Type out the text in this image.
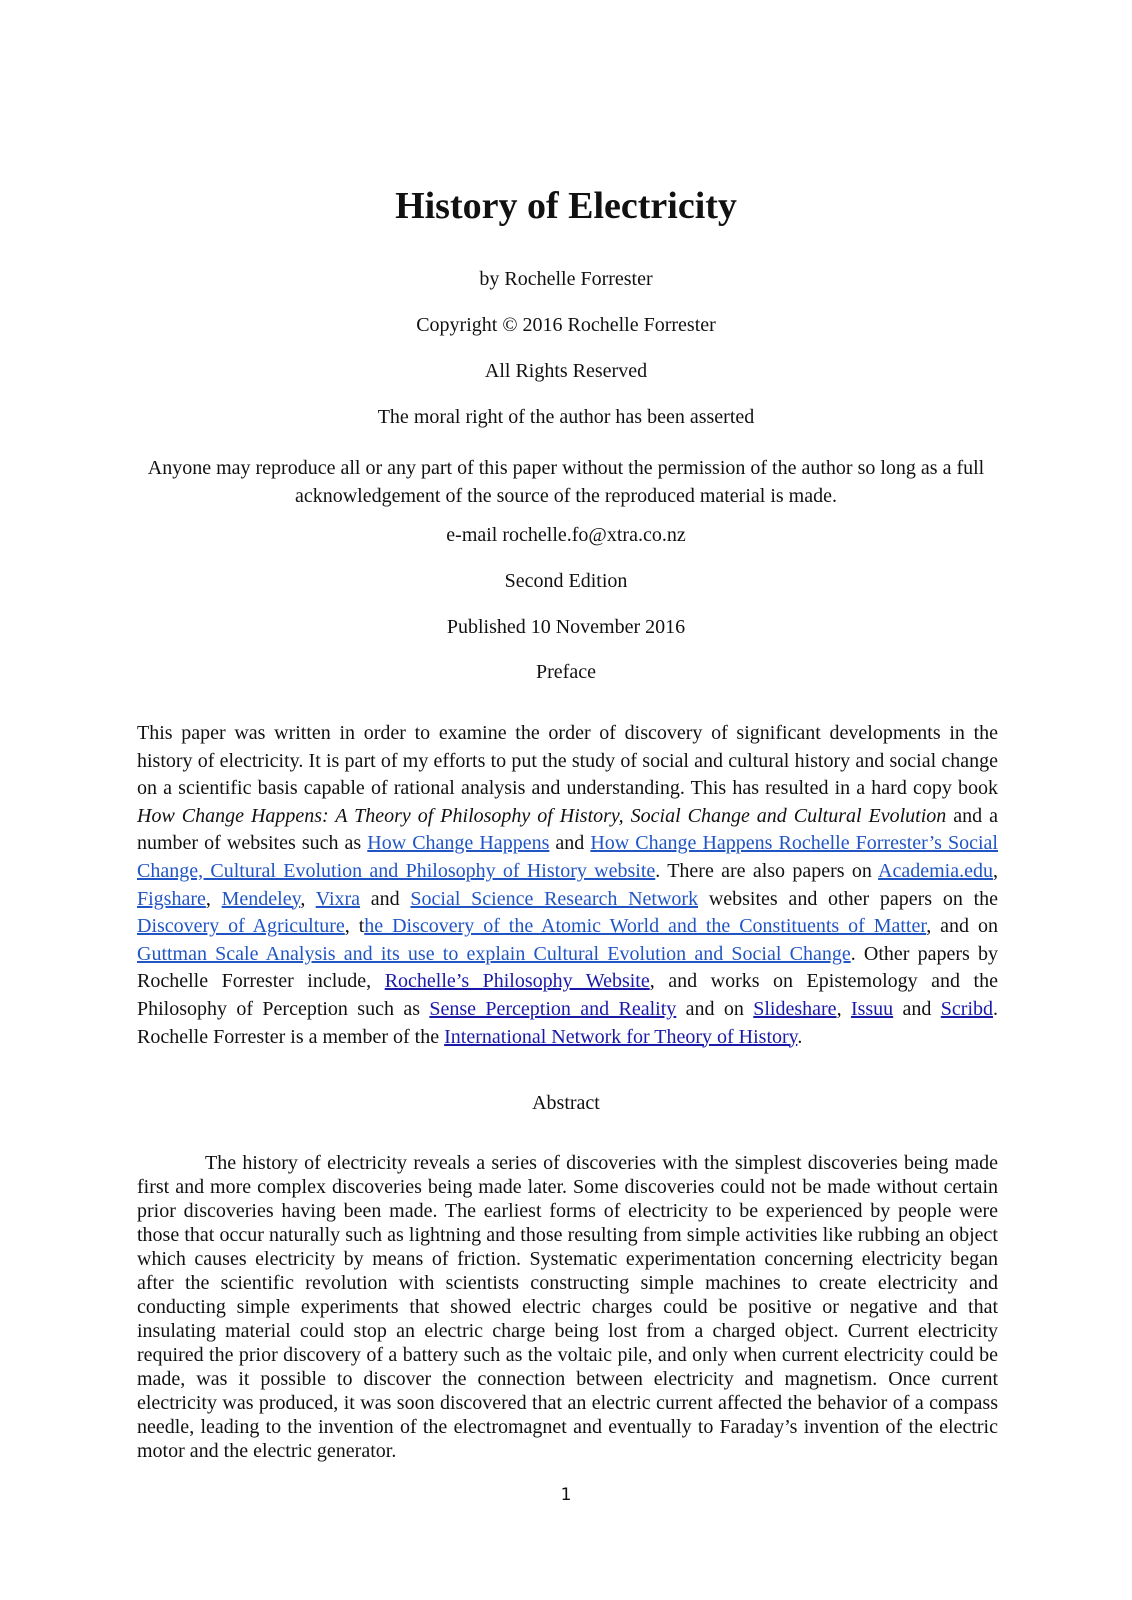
History of Electricity

by Rochelle Forrester

Copyright © 2016 Rochelle Forrester

All Rights Reserved

The moral right of the author has been asserted

Anyone may reproduce all or any part of this paper without the permission of the author so long as a full acknowledgement of the source of the reproduced material is made.

e-mail rochelle.fo@xtra.co.nz

Second Edition

Published 10 November 2016

Preface

This paper was written in order to examine the order of discovery of significant developments in the history of electricity. It is part of my efforts to put the study of social and cultural history and social change on a scientific basis capable of rational analysis and understanding. This has resulted in a hard copy book How Change Happens: A Theory of Philosophy of History, Social Change and Cultural Evolution and a number of websites such as How Change Happens and How Change Happens Rochelle Forrester’s Social Change, Cultural Evolution and Philosophy of History website. There are also papers on Academia.edu, Figshare, Mendeley, Vixra and Social Science Research Network websites and other papers on the Discovery of Agriculture, the Discovery of the Atomic World and the Constituents of Matter, and on Guttman Scale Analysis and its use to explain Cultural Evolution and Social Change. Other papers by Rochelle Forrester include, Rochelle’s Philosophy Website, and works on Epistemology and the Philosophy of Perception such as Sense Perception and Reality and on Slideshare, Issuu and Scribd. Rochelle Forrester is a member of the International Network for Theory of History.

Abstract

The history of electricity reveals a series of discoveries with the simplest discoveries being made first and more complex discoveries being made later. Some discoveries could not be made without certain prior discoveries having been made. The earliest forms of electricity to be experienced by people were those that occur naturally such as lightning and those resulting from simple activities like rubbing an object which causes electricity by means of friction. Systematic experimentation concerning electricity began after the scientific revolution with scientists constructing simple machines to create electricity and conducting simple experiments that showed electric charges could be positive or negative and that insulating material could stop an electric charge being lost from a charged object. Current electricity required the prior discovery of a battery such as the voltaic pile, and only when current electricity could be made, was it possible to discover the connection between electricity and magnetism. Once current electricity was produced, it was soon discovered that an electric current affected the behavior of a compass needle, leading to the invention of the electromagnet and eventually to Faraday’s invention of the electric motor and the electric generator.

1
